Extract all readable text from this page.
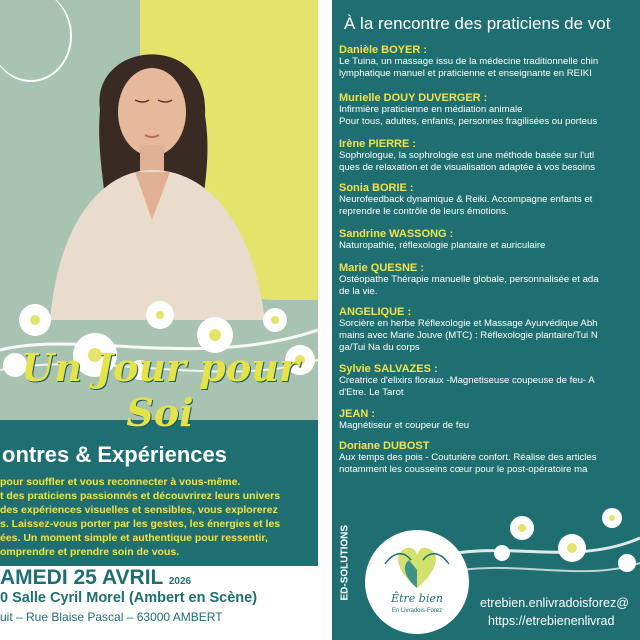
Un Jour pour Soi
ontres & Expériences
pour souffler et vous reconnecter à vous-même.
t des praticiens passionnés et découvrirez leurs univers
des expériences visuelles et sensibles, vous explorerez
s. Laissez-vous porter par les gestes, les énergies et les
ées. Un moment simple et authentique pour ressentir,
omprendre et prendre soin de vous.
AMEDI 25 AVRIL 2026
0 Salle Cyril Morel (Ambert en Scène)
uit – Rue Blaise Pascal – 63000 AMBERT
À la rencontre des praticiens de vot
Danièle BOYER :
Le Tuina, un massage issu de la médecine traditionnelle chin
lymphatique manuel et praticienne et enseignante en REIKI
Murielle DOUY DUVERGER :
Infirmière praticienne en médiation animale
Pour tous, adultes, enfants, personnes fragilisées ou porteus
Irène PIERRE :
Sophrologue, la sophrologie est une méthode basée sur l'utl
ques de relaxation et de visualisation adaptée à vos besoins
Sonia BORIE :
Neurofeedback dynamique & Reiki. Accompagne enfants et
reprendre le contrôle de leurs émotions.
Sandrine WASSONG :
Naturopathie, réflexologie plantaire et auriculaire
Marie QUESNE :
Ostéopathe Thérapie manuelle globale, personnalisée et ada
de la vie.
ANGELIQUE :
Sorcière en herbe Réflexologie et Massage Ayurvédique Abh
mains avec Marie Jouve (MTC) : Réflexologie plantaire/Tui N
ga/Tui Na du corps
Sylvie SALVAZES :
Creatrice d'elixirs floraux -Magnetiseuse coupeuse de feu- A
d'Etre. Le Tarot
JEAN :
Magnétiseur et coupeur de feu
Doriane DUBOST
Aux temps des pois - Couturière confort. Réalise des articles
notamment les cousseins cœur pour le post-opératoire ma
ED-SOLUTIONS	Être bien
En Livradois-Forez
etrebien.enlivradoisforez@
https://etrebienenlivrad
